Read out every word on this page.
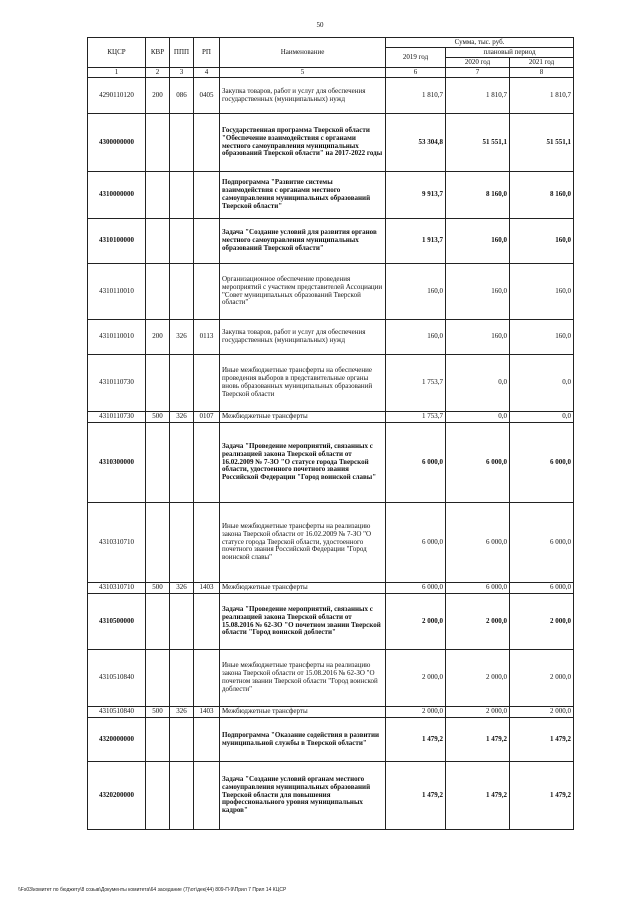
50
КЦСР	КВР	ППП	РП	Наименование	Сумма, тыс. руб.		
					2019 год	плановый период	
						2020 год	2021 год
1	2	3	4	5	6	7	8
4290110120	200	086	0405	Закупка товаров, работ и услуг для обеспечения государственных (муниципальных) нужд	1 810,7	1 810,7	1 810,7
4300000000				Государственная программа Тверской области "Обеспечение взаимодействия с органами местного самоуправления муниципальных образований Тверской области" на 2017-2022 годы	53 304,8	51 551,1	51 551,1
4310000000				Подпрограмма "Развитие системы взаимодействия с органами местного самоуправления муниципальных образований Тверской области"	9 913,7	8 160,0	8 160,0
4310100000				Задача "Создание условий для развития органов местного самоуправления муниципальных образований Тверской области"	1 913,7	160,0	160,0
4310110010				Организационное обеспечение проведения мероприятий с участием представителей Ассоциации "Совет муниципальных образований Тверской области"	160,0	160,0	160,0
4310110010	200	326	0113	Закупка товаров, работ и услуг для обеспечения государственных (муниципальных) нужд	160,0	160,0	160,0
4310110730				Иные межбюджетные трансферты на обеспечение проведения выборов в представительные органы вновь образованных муниципальных образований Тверской области	1 753,7	0,0	0,0
4310110730	500	326	0107	Межбюджетные трансферты	1 753,7	0,0	0,0
4310300000				Задача "Проведение мероприятий, связанных с реализацией закона Тверской области от 16.02.2009 № 7-ЗО "О статусе города Тверской области, удостоенного почетного звания Российской Федерации "Город воинской славы"	6 000,0	6 000,0	6 000,0
4310310710				Иные межбюджетные трансферты на реализацию закона Тверской области от 16.02.2009 № 7-ЗО "О статусе города Тверской области, удостоенного почетного звания Российской Федерации "Город воинской славы"	6 000,0	6 000,0	6 000,0
4310310710	500	326	1403	Межбюджетные трансферты	6 000,0	6 000,0	6 000,0
4310500000				Задача "Проведение мероприятий, связанных с реализацией закона Тверской области от 15.08.2016 № 62-ЗО "О почетном звании Тверской области "Город воинской доблести"	2 000,0	2 000,0	2 000,0
4310510840				Иные межбюджетные трансферты на реализацию закона Тверской области от 15.08.2016 № 62-ЗО "О почетном звании Тверской области "Город воинской доблести"	2 000,0	2 000,0	2 000,0
4310510840	500	326	1403	Межбюджетные трансферты	2 000,0	2 000,0	2 000,0
4320000000				Подпрограмма "Оказание содействия в развитии муниципальной службы в Тверской области"	1 479,2	1 479,2	1 479,2
4320200000				Задача "Создание условий органам местного самоуправления муниципальных образований Тверской области для повышения профессионального уровня муниципальных кадров"	1 479,2	1 479,2	1 479,2
\\Fs03\комитет по бюджету\8 созыв\Документы комитета\64 заседание (7)\от\дек(44) 809-П-9\Прил 7 Прил 14 КЦСР
